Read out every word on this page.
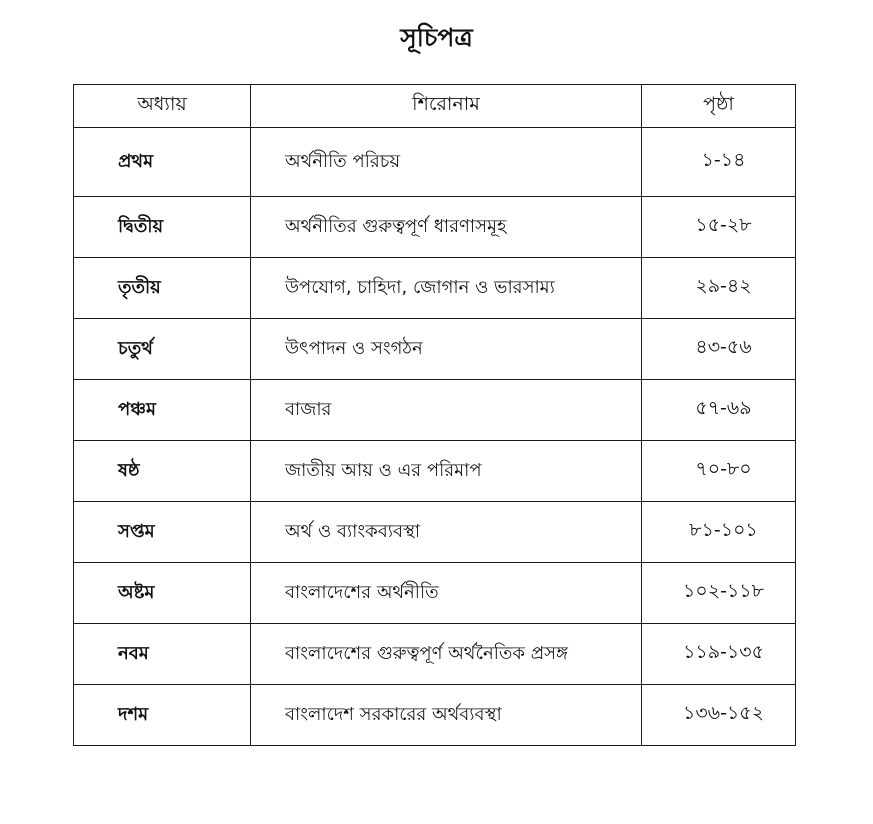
সূচিপত্র
অধ্যায়	শিরোনাম	পৃষ্ঠা
প্রথম	অর্থনীতি পরিচয়	১-১৪
দ্বিতীয়	অর্থনীতির গুরুত্বপূর্ণ ধারণাসমূহ	১৫-২৮
তৃতীয়	উপযোগ, চাহিদা, জোগান ও ভারসাম্য	২৯-৪২
চতুর্থ	উৎপাদন ও সংগঠন	৪৩-৫৬
পঞ্চম	বাজার	৫৭-৬৯
ষষ্ঠ	জাতীয় আয় ও এর পরিমাপ	৭০-৮০
সপ্তম	অর্থ ও ব্যাংকব্যবস্থা	৮১-১০১
অষ্টম	বাংলাদেশের অর্থনীতি	১০২-১১৮
নবম	বাংলাদেশের গুরুত্বপূর্ণ অর্থনৈতিক প্রসঙ্গ	১১৯-১৩৫
দশম	বাংলাদেশ সরকারের অর্থব্যবস্থা	১৩৬-১৫২
